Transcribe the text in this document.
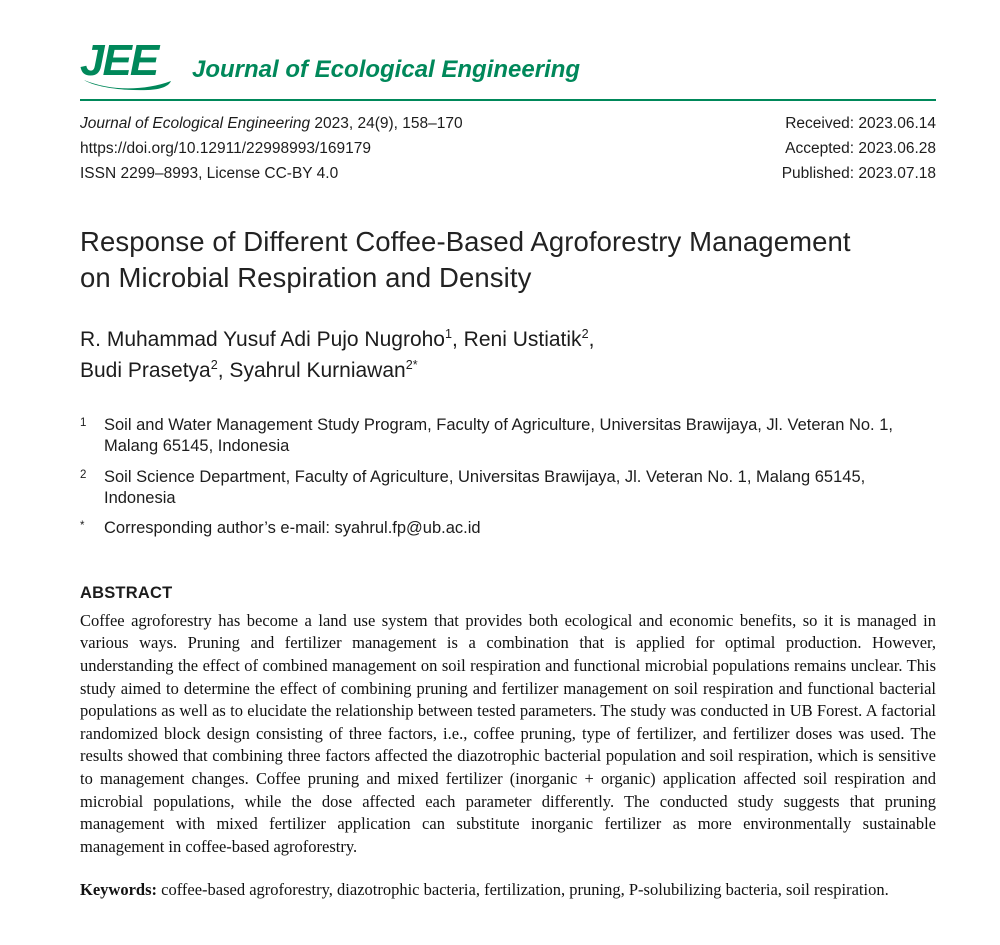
JEE	Journal of Ecological Engineering
Journal of Ecological Engineering 2023, 24(9), 158–170
https://doi.org/10.12911/22998993/169179
ISSN 2299–8993, License CC-BY 4.0
Received: 2023.06.14
Accepted: 2023.06.28
Published: 2023.07.18
Response of Different Coffee-Based Agroforestry Management
on Microbial Respiration and Density
R. Muhammad Yusuf Adi Pujo Nugroho$^1$, Reni Ustiatik$^2$,
Budi Prasetya$^2$, Syahrul Kurniawan$^{2*}$
1	Soil and Water Management Study Program, Faculty of Agriculture, Universitas Brawijaya, Jl. Veteran No. 1, Malang 65145, Indonesia
2	Soil Science Department, Faculty of Agriculture, Universitas Brawijaya, Jl. Veteran No. 1, Malang 65145, Indonesia
*	Corresponding author’s e-mail: syahrul.fp@ub.ac.id
ABSTRACT
Coffee agroforestry has become a land use system that provides both ecological and economic benefits, so it is managed in various ways. Pruning and fertilizer management is a combination that is applied for optimal production. However, understanding the effect of combined management on soil respiration and functional microbial populations remains unclear. This study aimed to determine the effect of combining pruning and fertilizer management on soil respiration and functional bacterial populations as well as to elucidate the relationship between tested parameters. The study was conducted in UB Forest. A factorial randomized block design consisting of three factors, i.e., coffee pruning, type of fertilizer, and fertilizer doses was used. The results showed that combining three factors affected the diazotrophic bacterial population and soil respiration, which is sensitive to management changes. Coffee pruning and mixed fertilizer (inorganic + organic) application affected soil respiration and microbial populations, while the dose affected each parameter differently. The conducted study suggests that pruning management with mixed fertilizer application can substitute inorganic fertilizer as more environmentally sustainable management in coffee-based agroforestry.
Keywords: coffee-based agroforestry, diazotrophic bacteria, fertilization, pruning, P-solubilizing bacteria, soil respiration.
